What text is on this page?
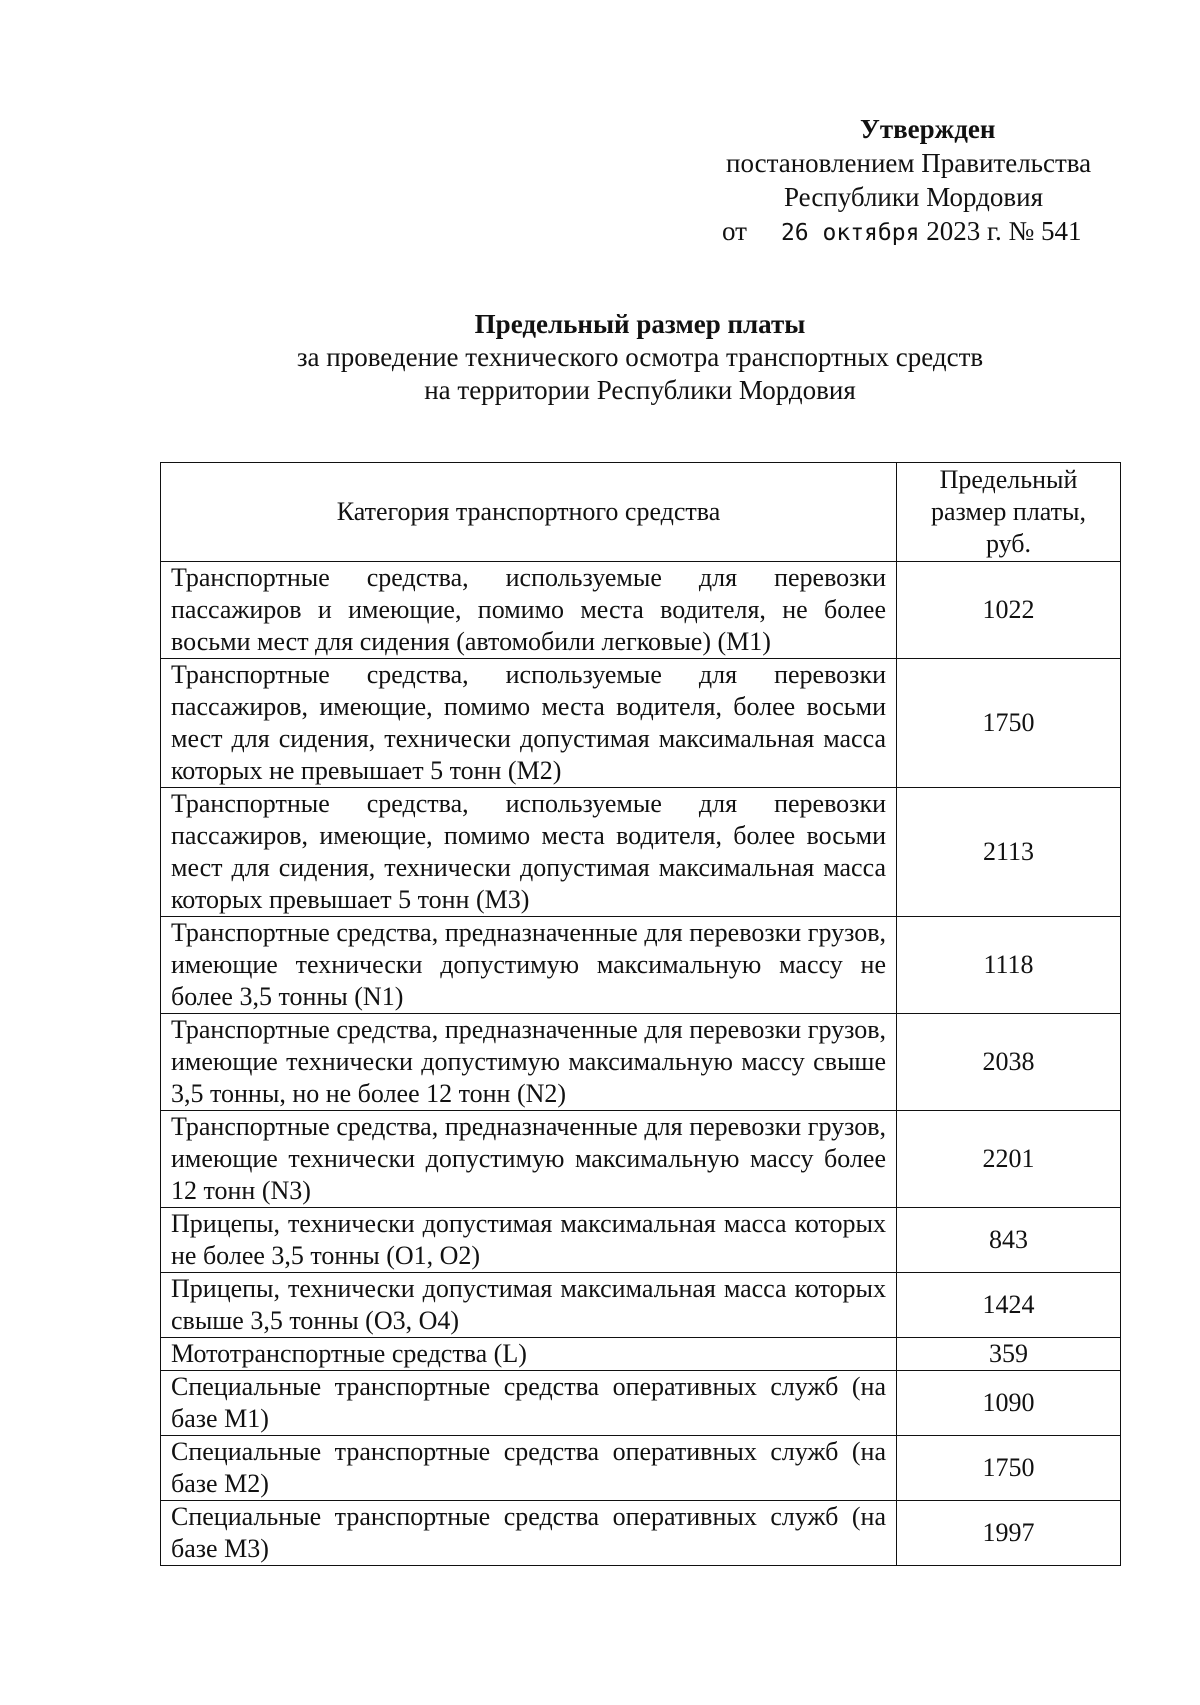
Утвержден
постановлением Правительства
Республики Мордовия
от 26 октября 2023 г. № 541
Предельный размер платы
за проведение технического осмотра транспортных средств
на территории Республики Мордовия
Категория транспортного средства	Предельный размер платы, руб.
Транспортные средства, используемые для перевозки пассажиров и имеющие, помимо места водителя, не более восьми мест для сидения (автомобили легковые) (M1)	1022
Транспортные средства, используемые для перевозки пассажиров, имеющие, помимо места водителя, более восьми мест для сидения, технически допустимая максимальная масса которых не превышает 5 тонн (M2)	1750
Транспортные средства, используемые для перевозки пассажиров, имеющие, помимо места водителя, более восьми мест для сидения, технически допустимая максимальная масса которых превышает 5 тонн (M3)	2113
Транспортные средства, предназначенные для перевозки грузов, имеющие технически допустимую максимальную массу не более 3,5 тонны (N1)	1118
Транспортные средства, предназначенные для перевозки грузов, имеющие технически допустимую максимальную массу свыше 3,5 тонны, но не более 12 тонн (N2)	2038
Транспортные средства, предназначенные для перевозки грузов, имеющие технически допустимую максимальную массу более 12 тонн (N3)	2201
Прицепы, технически допустимая максимальная масса которых не более 3,5 тонны (O1, O2)	843
Прицепы, технически допустимая максимальная масса которых свыше 3,5 тонны (O3, O4)	1424
Мототранспортные средства (L)	359
Специальные транспортные средства оперативных служб (на базе M1)	1090
Специальные транспортные средства оперативных служб (на базе M2)	1750
Специальные транспортные средства оперативных служб (на базе M3)	1997
